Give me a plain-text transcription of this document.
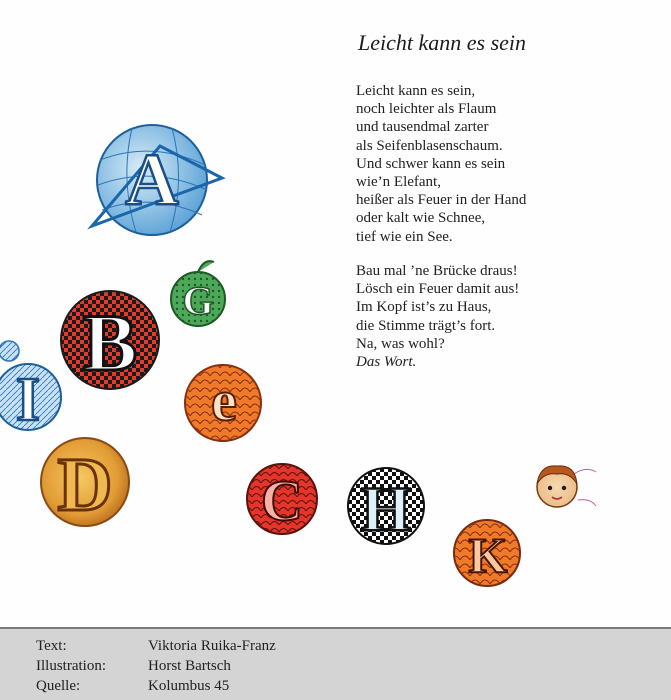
A
G
B
I	e
D	C H
K
Leicht kann es sein
Leicht kann es sein,
noch leichter als Flaum
und tausendmal zarter
als Seifenblasenschaum.
Und schwer kann es sein
wie’n Elefant,
heißer als Feuer in der Hand
oder kalt wie Schnee,
tief wie ein See.
Bau mal ’ne Brücke draus!
Lösch ein Feuer damit aus!
Im Kopf ist’s zu Haus,
die Stimme trägt’s fort.
Na, was wohl?
Das Wort.
Text:	Viktoria Ruika-Franz
Illustration:	Horst Bartsch
Quelle:	Kolumbus 45
